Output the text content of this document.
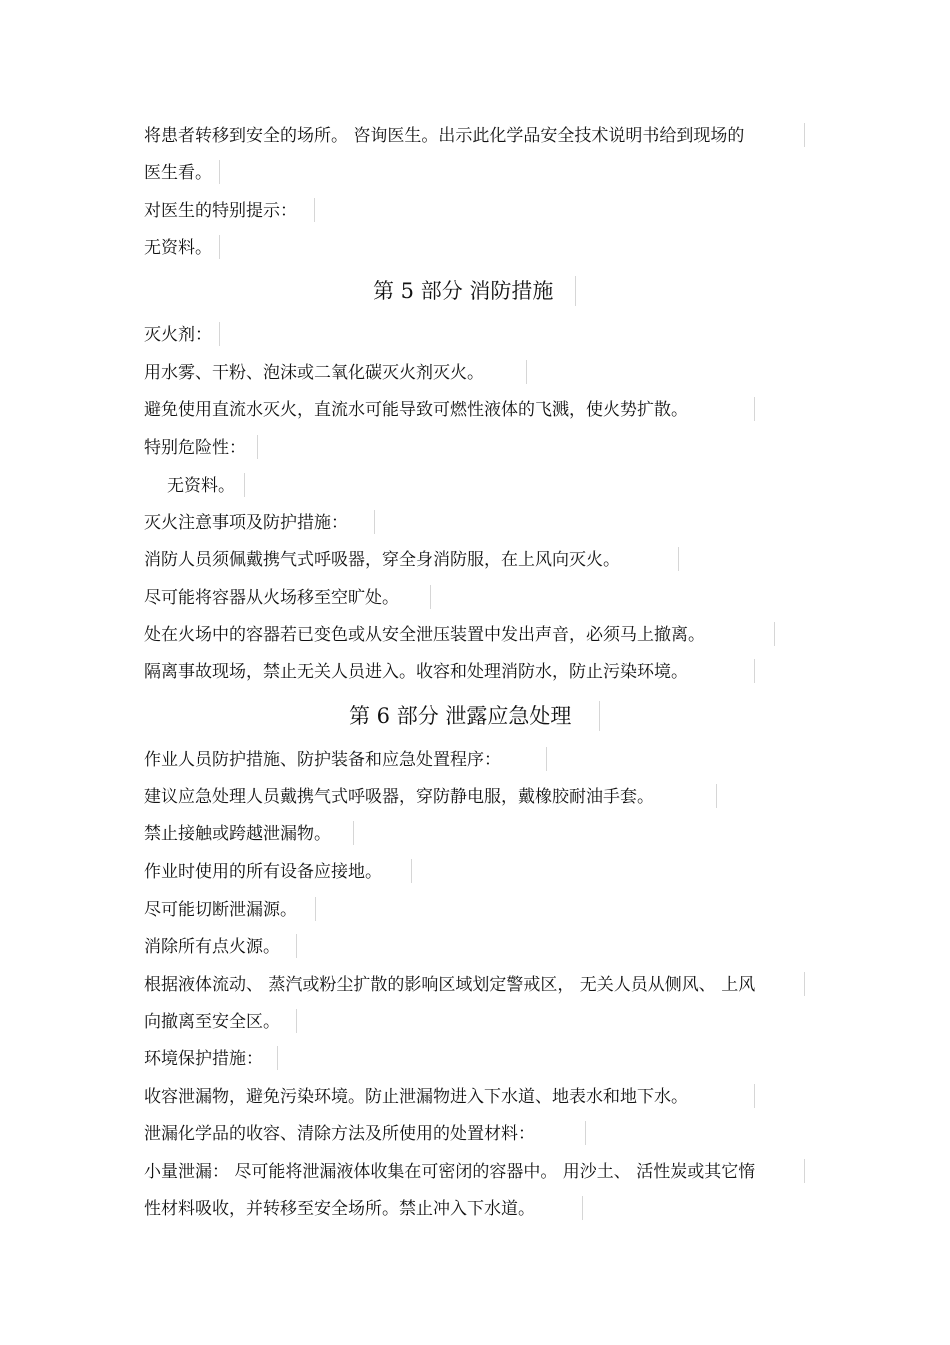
将患者转移到安全的场所。 咨询医生。出示此化学品安全技术说明书给到现场的
医生看。
对医生的特别提示：
无资料。
第 5 部分 消防措施
灭火剂：
用水雾、干粉、泡沫或二氧化碳灭火剂灭火。
避免使用直流水灭火，直流水可能导致可燃性液体的飞溅，使火势扩散。
特别危险性：
无资料。
灭火注意事项及防护措施：
消防人员须佩戴携气式呼吸器，穿全身消防服，在上风向灭火。
尽可能将容器从火场移至空旷处。
处在火场中的容器若已变色或从安全泄压装置中发出声音，必须马上撤离。
隔离事故现场，禁止无关人员进入。收容和处理消防水，防止污染环境。
第 6 部分 泄露应急处理
作业人员防护措施、防护装备和应急处置程序：
建议应急处理人员戴携气式呼吸器，穿防静电服，戴橡胶耐油手套。
禁止接触或跨越泄漏物。
作业时使用的所有设备应接地。
尽可能切断泄漏源。
消除所有点火源。
根据液体流动、 蒸汽或粉尘扩散的影响区域划定警戒区， 无关人员从侧风、 上风
向撤离至安全区。
环境保护措施：
收容泄漏物，避免污染环境。防止泄漏物进入下水道、地表水和地下水。
泄漏化学品的收容、清除方法及所使用的处置材料：
小量泄漏： 尽可能将泄漏液体收集在可密闭的容器中。 用沙土、 活性炭或其它惰
性材料吸收，并转移至安全场所。禁止冲入下水道。
